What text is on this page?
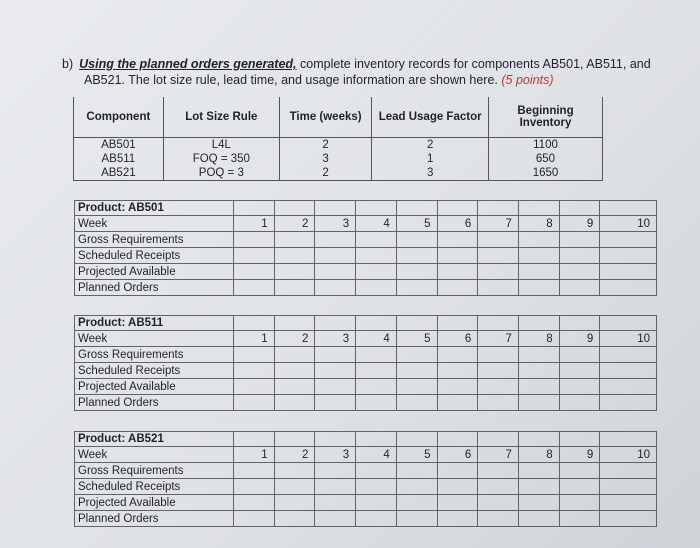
b) Using the planned orders generated, complete inventory records for components AB501, AB511, and
AB521. The lot size rule, lead time, and usage information are shown here. (5 points)
Component	Lot Size Rule	Time (weeks)	Lead Usage Factor	Beginning Inventory
AB501	L4L	2	2	1100
AB511	FOQ = 350	3	1	650
AB521	POQ = 3	2	3	1650
Product: AB501										
Week	1	2	3	4	5	6	7	8	9	10
Gross Requirements										
Scheduled Receipts										
Projected Available										
Planned Orders										
Product: AB511										
Week	1	2	3	4	5	6	7	8	9	10
Gross Requirements										
Scheduled Receipts										
Projected Available										
Planned Orders										
Product: AB521										
Week	1	2	3	4	5	6	7	8	9	10
Gross Requirements										
Scheduled Receipts										
Projected Available										
Planned Orders										
